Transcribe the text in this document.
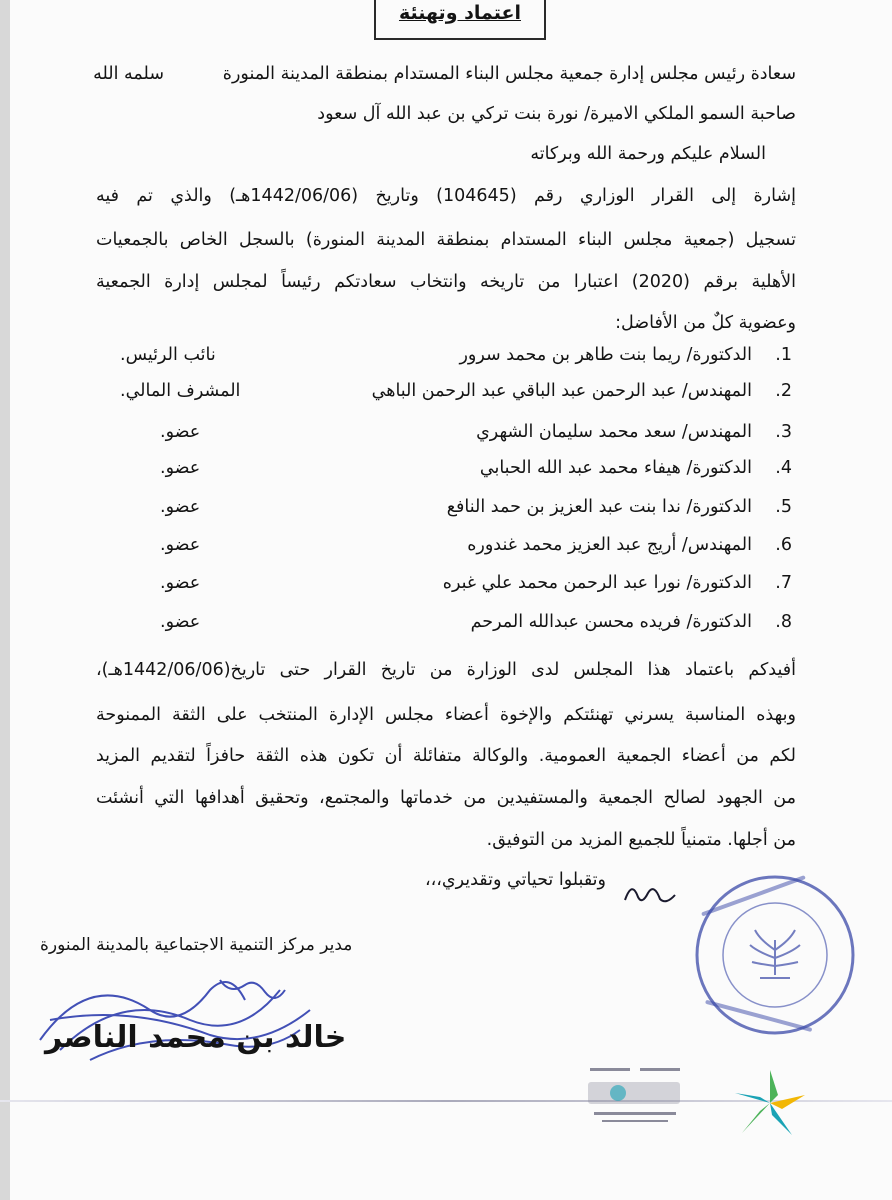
اعتماد وتهنئة
سعادة رئيس مجلس إدارة جمعية مجلس البناء المستدام بمنطقة المدينة المنورة
سلمه الله
صاحبة السمو الملكي الاميرة/ نورة بنت تركي بن عبد الله آل سعود
السلام عليكم ورحمة الله وبركاته
إشارة إلى القرار الوزاري رقم (104645) وتاريخ (1442/06/06هـ) والذي تم فيه
تسجيل (جمعية مجلس البناء المستدام بمنطقة المدينة المنورة) بالسجل الخاص بالجمعيات
الأهلية برقم (2020) اعتبارا من تاريخه وانتخاب سعادتكم رئيساً لمجلس إدارة الجمعية
وعضوية كلٌ من الأفاضل:
1.
الدكتورة/ ريما بنت طاهر بن محمد سرور
نائب الرئيس.
2.
المهندس/ عبد الرحمن عبد الباقي عبد الرحمن الباهي
المشرف المالي.
3.
المهندس/ سعد محمد سليمان الشهري
عضو.
4.
الدكتورة/ هيفاء محمد عبد الله الحبابي
عضو.
5.
الدكتورة/ ندا بنت عبد العزيز بن حمد النافع
عضو.
6.
المهندس/ أريج عبد العزيز محمد غندوره
عضو.
7.
الدكتورة/ نورا عبد الرحمن محمد علي غبره
عضو.
8.
الدكتورة/ فريده محسن عبدالله المرحم
عضو.
أفيدكم باعتماد هذا المجلس لدى الوزارة من تاريخ القرار حتى تاريخ(1442/06/06هـ)،
وبهذه المناسبة يسرني تهنئتكم والإخوة أعضاء مجلس الإدارة المنتخب على الثقة الممنوحة
لكم من أعضاء الجمعية العمومية. والوكالة متفائلة أن تكون هذه الثقة حافزاً لتقديم المزيد
من الجهود لصالح الجمعية والمستفيدين من خدماتها والمجتمع، وتحقيق أهدافها التي أنشئت
من أجلها. متمنياً للجميع المزيد من التوفيق.
وتقبلوا تحياتي وتقديري،،،
مدير مركز التنمية الاجتماعية بالمدينة المنورة
خالد بن محمد الناصر
